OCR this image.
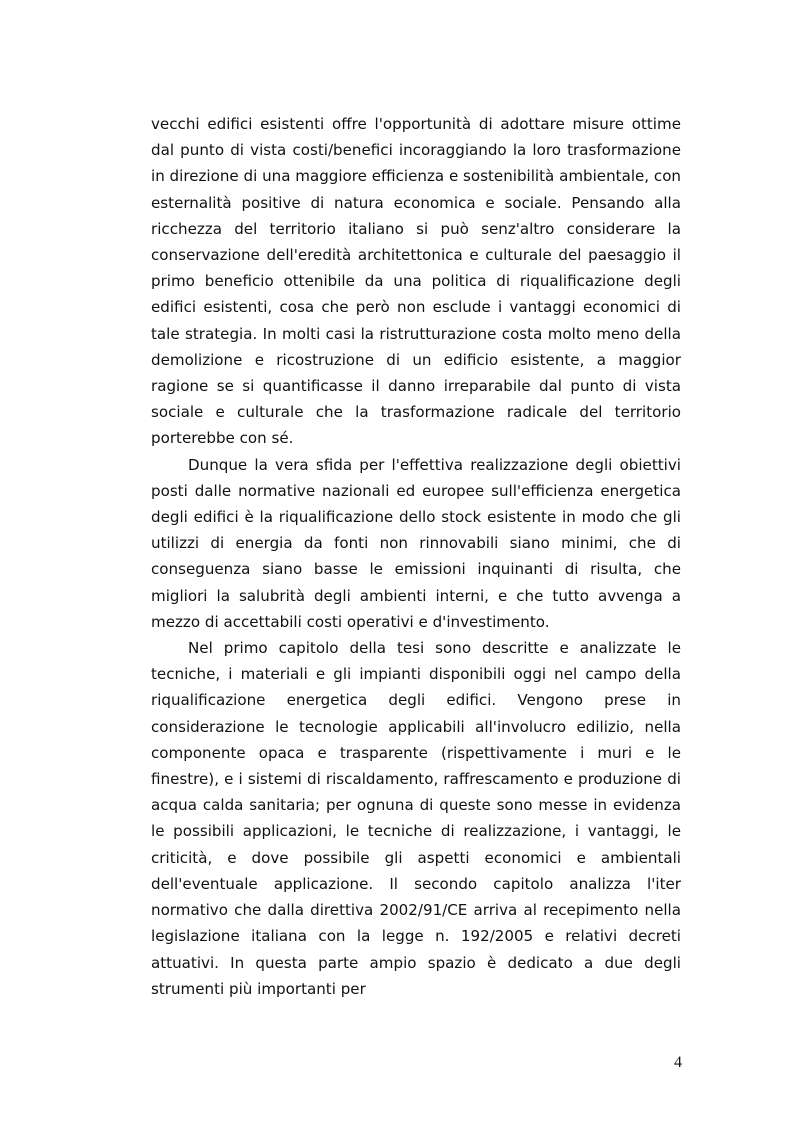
vecchi edifici esistenti offre l'opportunità di adottare misure ottime dal punto di vista costi/benefici incoraggiando la loro trasformazione in direzione di una maggiore efficienza e sostenibilità ambientale, con esternalità positive di natura economica e sociale. Pensando alla ricchezza del territorio italiano si può senz'altro considerare la conservazione dell'eredità architettonica e culturale del paesaggio il primo beneficio ottenibile da una politica di riqualificazione degli edifici esistenti, cosa che però non esclude i vantaggi economici di tale strategia. In molti casi la ristrutturazione costa molto meno della demolizione e ricostruzione di un edificio esistente, a maggior ragione se si quantificasse il danno irreparabile dal punto di vista sociale e culturale che la trasformazione radicale del territorio porterebbe con sé.

Dunque la vera sfida per l'effettiva realizzazione degli obiettivi posti dalle normative nazionali ed europee sull'efficienza energetica degli edifici è la riqualificazione dello stock esistente in modo che gli utilizzi di energia da fonti non rinnovabili siano minimi, che di conseguenza siano basse le emissioni inquinanti di risulta, che migliori la salubrità degli ambienti interni, e che tutto avvenga a mezzo di accettabili costi operativi e d'investimento.

Nel primo capitolo della tesi sono descritte e analizzate le tecniche, i materiali e gli impianti disponibili oggi nel campo della riqualificazione energetica degli edifici. Vengono prese in considerazione le tecnologie applicabili all'involucro edilizio, nella componente opaca e trasparente (rispettivamente i muri e le finestre), e i sistemi di riscaldamento, raffrescamento e produzione di acqua calda sanitaria; per ognuna di queste sono messe in evidenza le possibili applicazioni, le tecniche di realizzazione, i vantaggi, le criticità, e dove possibile gli aspetti economici e ambientali dell'eventuale applicazione. Il secondo capitolo analizza l'iter normativo che dalla direttiva 2002/91/CE arriva al recepimento nella legislazione italiana con la legge n. 192/2005 e relativi decreti attuativi. In questa parte ampio spazio è dedicato a due degli strumenti più importanti per

4
